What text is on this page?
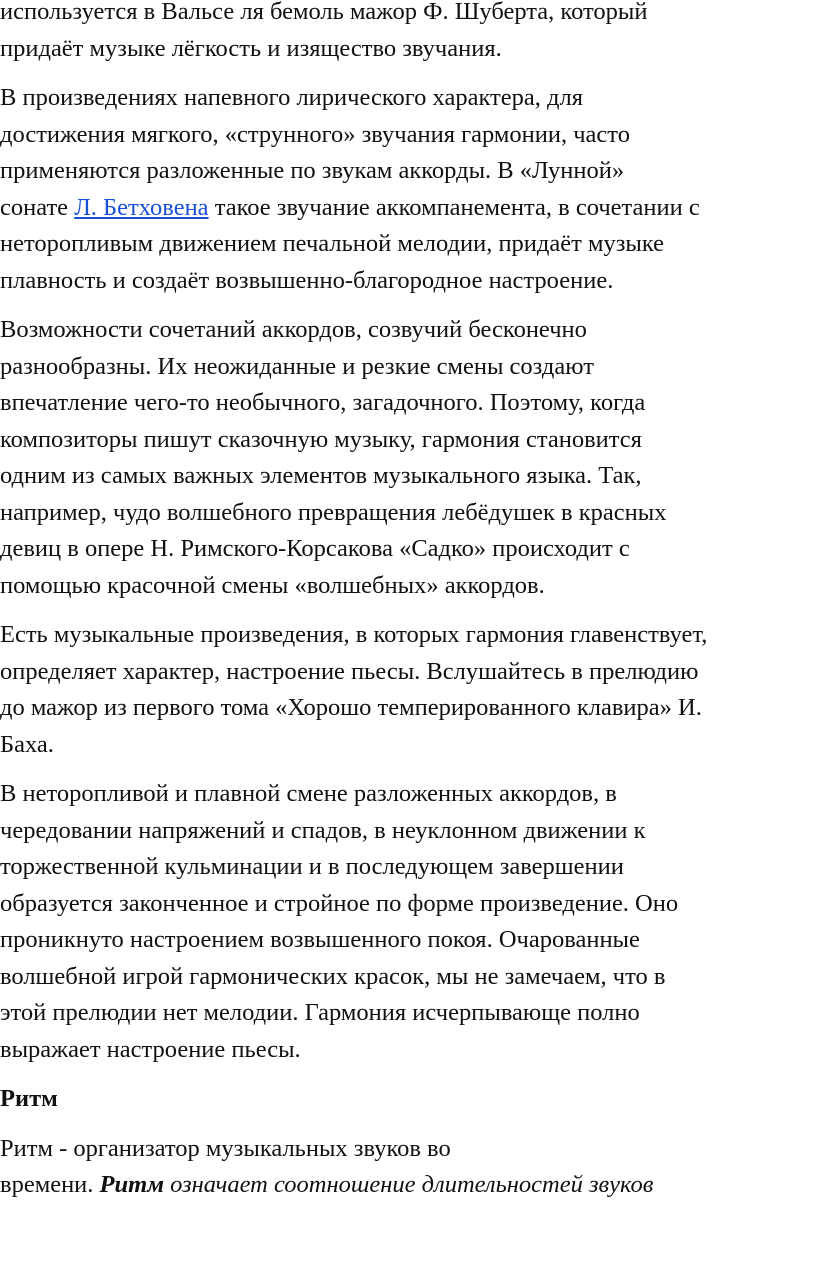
используется в Вальсе ля бемоль мажор Ф. Шуберта, который
придаёт музыке лёгкость и изящество звучания.
В произведениях напевного лирического характера, для
достижения мягкого, «струнного» звучания гармонии, часто
применяются разложенные по звукам аккорды. В «Лунной»
сонате Л. Бетховена такое звучание аккомпанемента, в сочетании с
неторопливым движением печальной мелодии, придаёт музыке
плавность и создаёт возвышенно-благородное настроение.
Возможности сочетаний аккордов, созвучий бесконечно
разнообразны. Их неожиданные и резкие смены создают
впечатление чего-то необычного, загадочного. Поэтому, когда
композиторы пишут сказочную музыку, гармония становится
одним из самых важных элементов музыкального языка. Так,
например, чудо волшебного превращения лебёдушек в красных
девиц в опере Н. Римского-Корсакова «Садко» происходит с
помощью красочной смены «волшебных» аккордов.
Есть музыкальные произведения, в которых гармония главенствует,
определяет характер, настроение пьесы. Вслушайтесь в прелюдию
до мажор из первого тома «Хорошо темперированного клавира» И.
Баха.
В неторопливой и плавной смене разложенных аккордов, в
чередовании напряжений и спадов, в неуклонном движении к
торжественной кульминации и в последующем завершении
образуется законченное и стройное по форме произведение. Оно
проникнуто настроением возвышенного покоя. Очарованные
волшебной игрой гармонических красок, мы не замечаем, что в
этой прелюдии нет мелодии. Гармония исчерпывающе полно
выражает настроение пьесы.
Ритм
Ритм - организатор музыкальных звуков во
времени. Ритм означает соотношение длительностей звуков
